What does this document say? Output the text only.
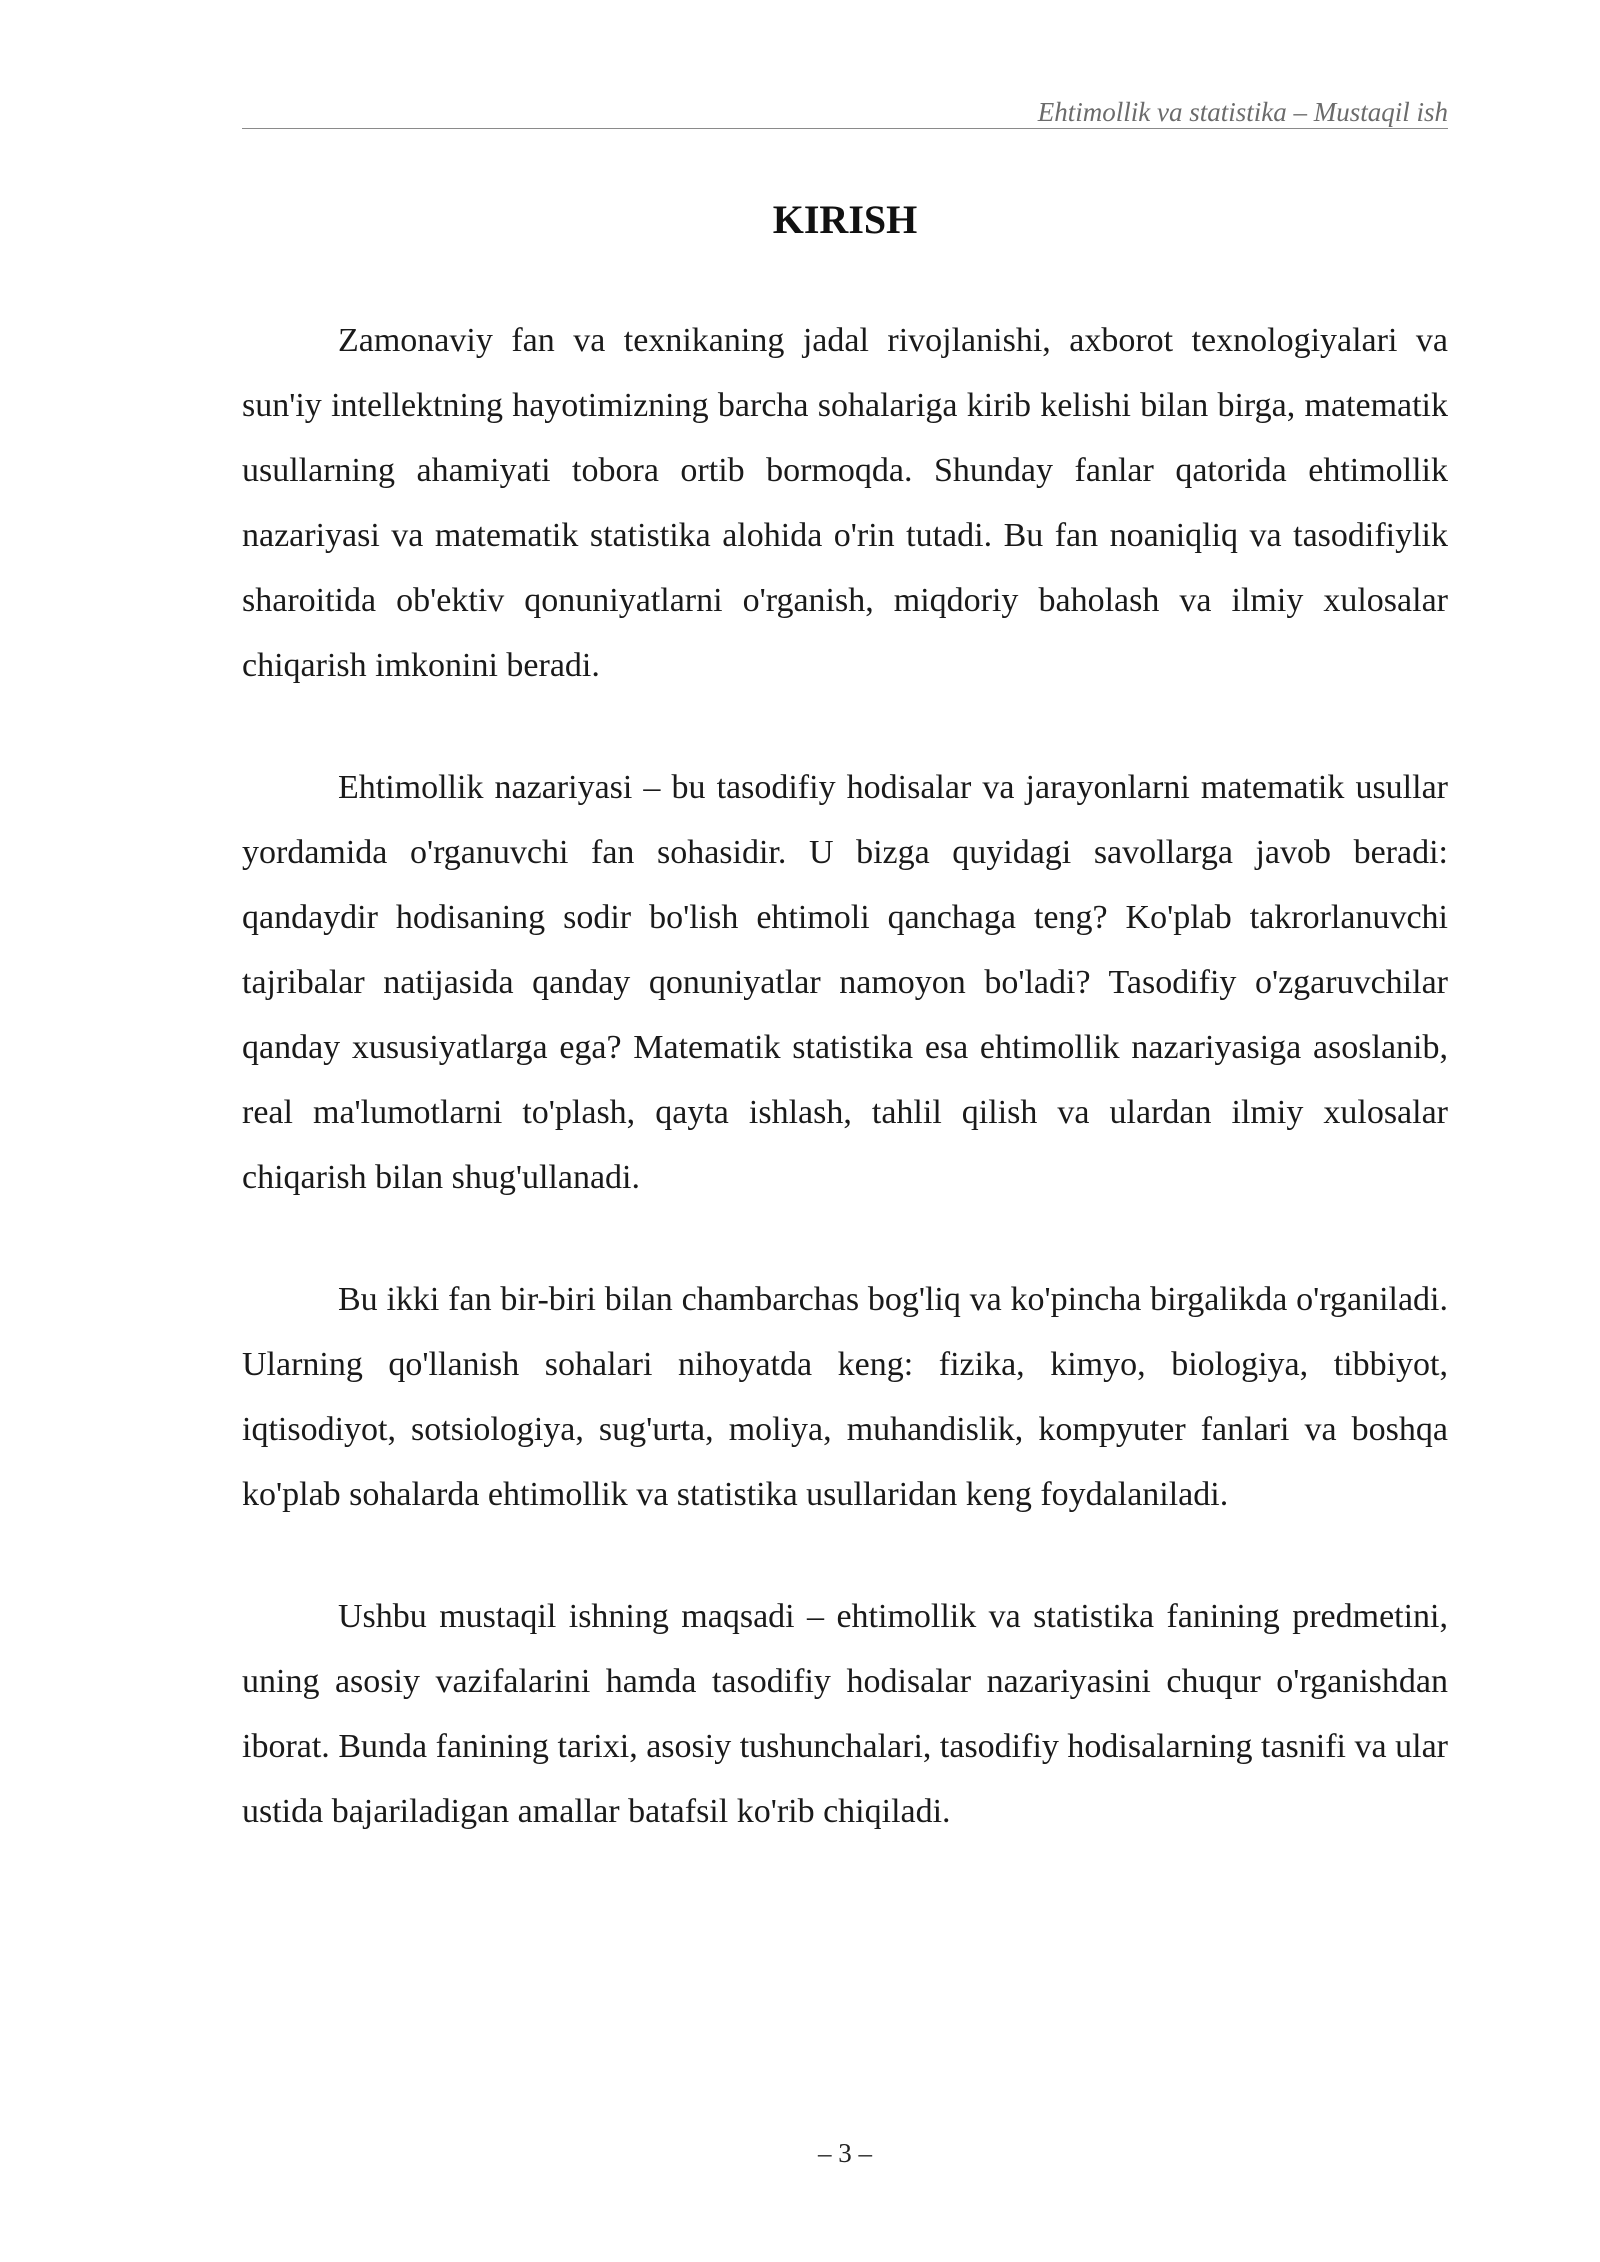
Ehtimollik va statistika – Mustaqil ish
KIRISH

Zamonaviy fan va texnikaning jadal rivojlanishi, axborot texnologiyalari va sun'iy intellektning hayotimizning barcha sohalariga kirib kelishi bilan birga, matematik usullarning ahamiyati tobora ortib bormoqda. Shunday fanlar qatorida ehtimollik nazariyasi va matematik statistika alohida o'rin tutadi. Bu fan noaniqliq va tasodifiylik sharoitida ob'ektiv qonuniyatlarni o'rganish, miqdoriy baholash va ilmiy xulosalar chiqarish imkonini beradi.

Ehtimollik nazariyasi – bu tasodifiy hodisalar va jarayonlarni matematik usullar yordamida o'rganuvchi fan sohasidir. U bizga quyidagi savollarga javob beradi: qandaydir hodisaning sodir bo'lish ehtimoli qanchaga teng? Ko'plab takrorlanuvchi tajribalar natijasida qanday qonuniyatlar namoyon bo'ladi? Tasodifiy o'zgaruvchilar qanday xususiyatlarga ega? Matematik statistika esa ehtimollik nazariyasiga asoslanib, real ma'lumotlarni to'plash, qayta ishlash, tahlil qilish va ulardan ilmiy xulosalar chiqarish bilan shug'ullanadi.

Bu ikki fan bir-biri bilan chambarchas bog'liq va ko'pincha birgalikda o'rganiladi. Ularning qo'llanish sohalari nihoyatda keng: fizika, kimyo, biologiya, tibbiyot, iqtisodiyot, sotsiologiya, sug'urta, moliya, muhandislik, kompyuter fanlari va boshqa ko'plab sohalarda ehtimollik va statistika usullaridan keng foydalaniladi.

Ushbu mustaqil ishning maqsadi – ehtimollik va statistika fanining predmetini, uning asosiy vazifalarini hamda tasodifiy hodisalar nazariyasini chuqur o'rganishdan iborat. Bunda fanining tarixi, asosiy tushunchalari, tasodifiy hodisalarning tasnifi va ular ustida bajariladigan amallar batafsil ko'rib chiqiladi.

– 3 –
